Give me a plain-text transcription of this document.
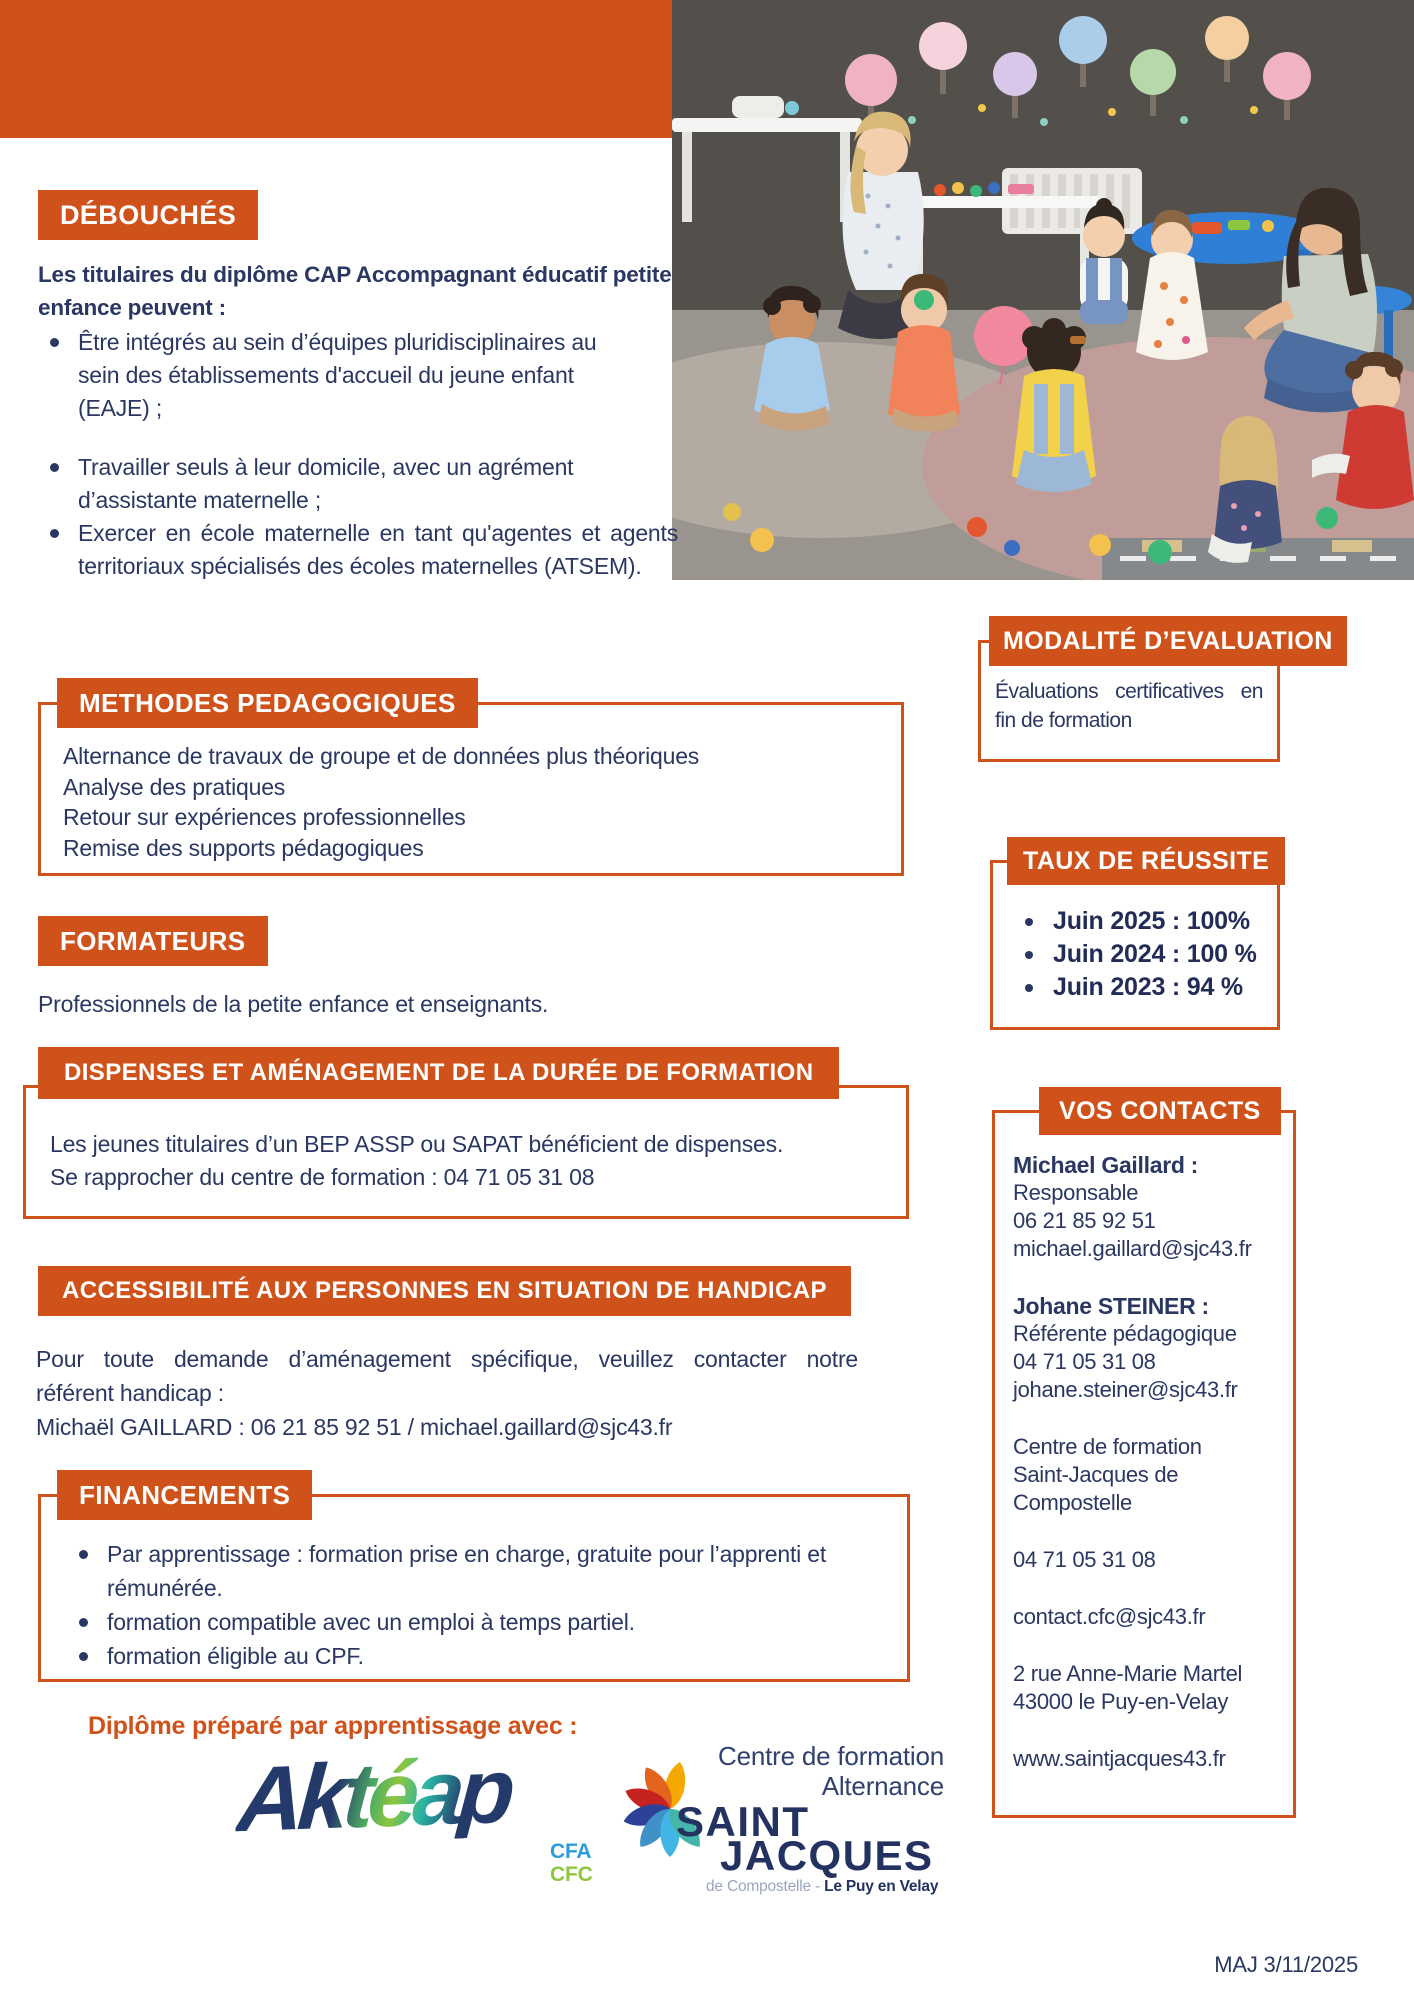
DÉBOUCHÉS
Les titulaires du diplôme CAP Accompagnant éducatif petite enfance peuvent :
Être intégrés au sein d’équipes pluridisciplinaires au sein des établissements d'accueil du jeune enfant (EAJE) ;
Travailler seuls à leur domicile, avec un agrément d’assistante maternelle ;
Exercer en école maternelle en tant qu'agentes et agents territoriaux spécialisés des écoles maternelles (ATSEM).
METHODES PEDAGOGIQUES
Alternance de travaux de groupe et de données plus théoriques
Analyse des pratiques
Retour sur expériences professionnelles
Remise des supports pédagogiques
MODALITÉ D’EVALUATION
Évaluations certificatives en
fin de formation
TAUX DE RÉUSSITE
Juin 2025 : 100%
Juin 2024 : 100 %
Juin 2023 : 94 %
FORMATEURS
Professionnels de la petite enfance et enseignants.
DISPENSES ET AMÉNAGEMENT DE LA DURÉE DE FORMATION
Les jeunes titulaires d’un BEP ASSP ou SAPAT bénéficient de dispenses.
Se rapprocher du centre de formation : 04 71 05 31 08
VOS CONTACTS
Michael Gaillard :
Responsable
06 21 85 92 51
michael.gaillard@sjc43.fr
Johane STEINER :
Référente pédagogique
04 71 05 31 08
johane.steiner@sjc43.fr
Centre de formation
Saint-Jacques de
Compostelle
04 71 05 31 08
contact.cfc@sjc43.fr
2 rue Anne-Marie Martel
43000 le Puy-en-Velay
www.saintjacques43.fr
ACCESSIBILITÉ AUX PERSONNES EN SITUATION DE HANDICAP
Pour toute demande d’aménagement spécifique, veuillez contacter notre
référent handicap :
Michaël GAILLARD : 06 21 85 92 51 / michael.gaillard@sjc43.fr
FINANCEMENTS
Par apprentissage : formation prise en charge, gratuite pour l’apprenti et rémunérée.
formation compatible avec un emploi à temps partiel.
formation éligible au CPF.
Diplôme préparé par apprentissage avec :
Aktéap
CFA
CFC
Centre de formation
Alternance
SAINT
JACQUES
de Compostelle - Le Puy en Velay
MAJ 3/11/2025
